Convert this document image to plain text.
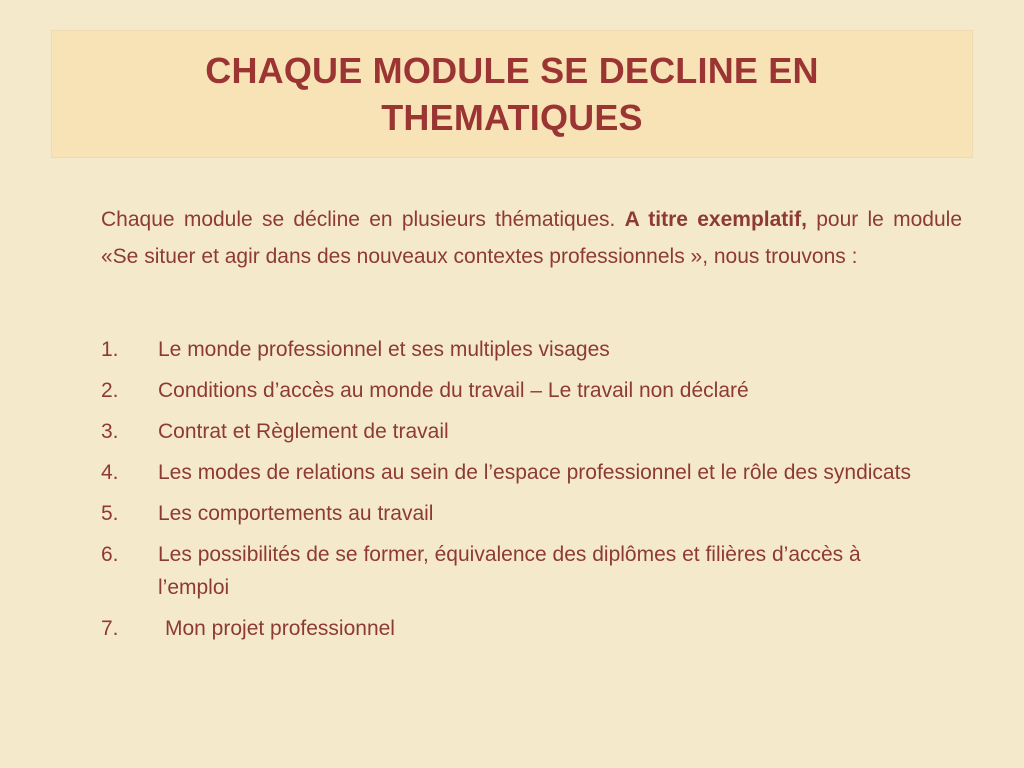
CHAQUE MODULE SE DECLINE EN THEMATIQUES

Chaque module se décline en plusieurs thématiques. A titre exemplatif, pour le module «Se situer et agir dans des nouveaux contextes professionnels », nous trouvons :

1.	Le monde professionnel et ses multiples visages
2.	Conditions d’accès au monde du travail – Le travail non déclaré
3.	Contrat et Règlement de travail
4.	Les modes de relations au sein de l’espace professionnel et le rôle des syndicats
5.	Les comportements au travail
6.	Les possibilités de se former, équivalence des diplômes et filières d’accès à l’emploi
7.	Mon projet professionnel
